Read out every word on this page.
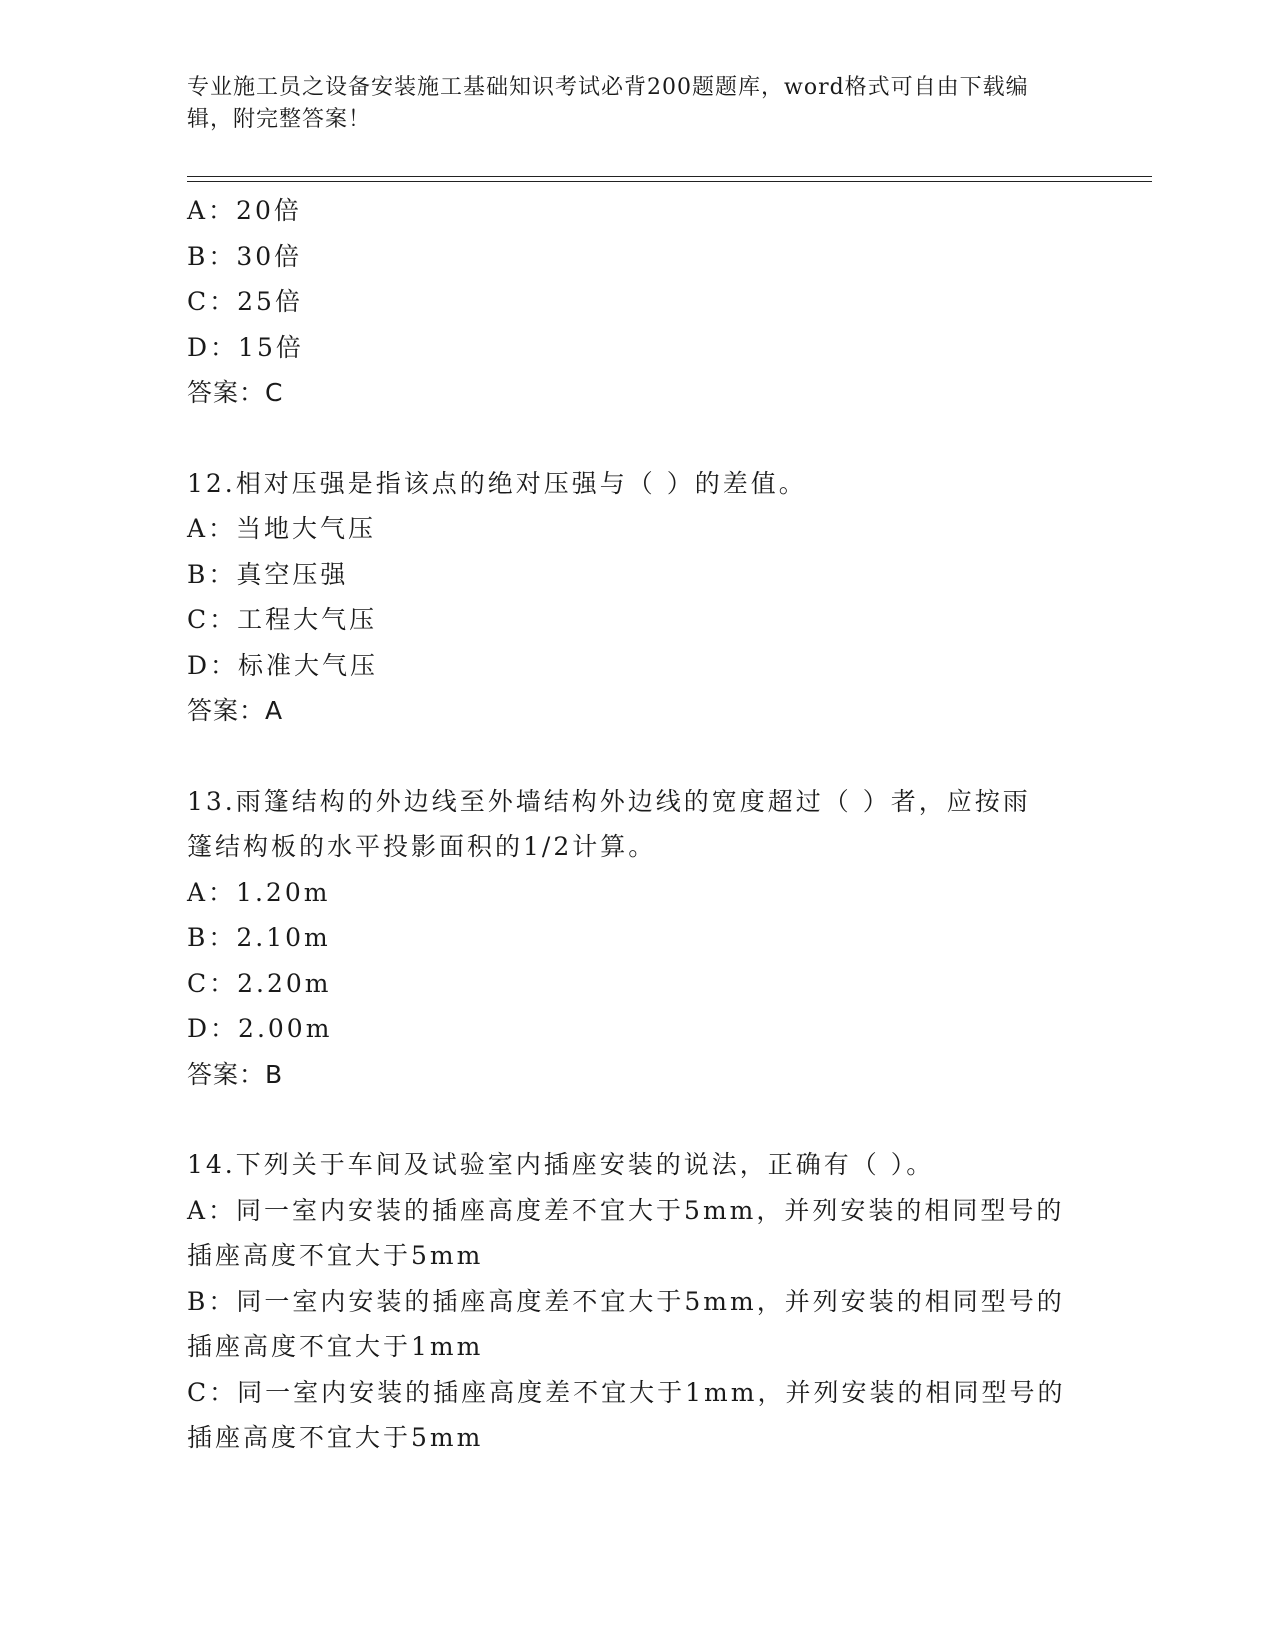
专业施工员之设备安装施工基础知识考试必背200题题库，word格式可自由下载编辑，附完整答案！
A：20倍
B：30倍
C：25倍
D：15倍
答案：C
12.相对压强是指该点的绝对压强与（ ）的差值。
A：当地大气压
B：真空压强
C：工程大气压
D：标准大气压
答案：A
13.雨篷结构的外边线至外墙结构外边线的宽度超过（ ）者，应按雨
篷结构板的水平投影面积的1/2计算。
A：1.20m
B：2.10m
C：2.20m
D：2.00m
答案：B
14.下列关于车间及试验室内插座安装的说法，正确有（ ）。
A：同一室内安装的插座高度差不宜大于5mm，并列安装的相同型号的
插座高度不宜大于5mm
B：同一室内安装的插座高度差不宜大于5mm，并列安装的相同型号的
插座高度不宜大于1mm
C：同一室内安装的插座高度差不宜大于1mm，并列安装的相同型号的
插座高度不宜大于5mm
